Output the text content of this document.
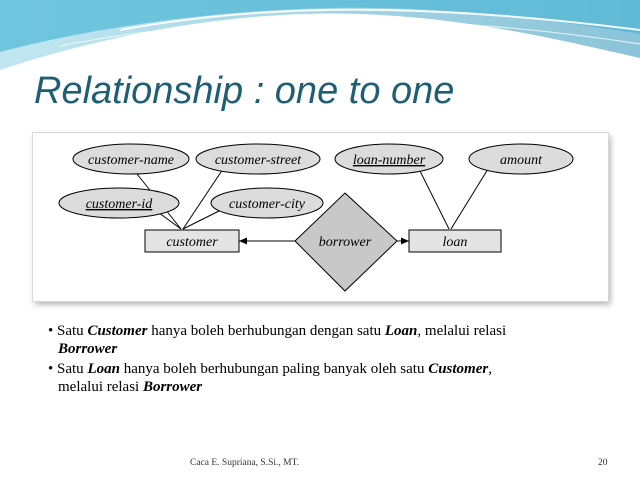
Relationship : one to one
customer-name	customer-street
customer-id	customer-city
loan-number	amount
customer	loan
borrower
• Satu Customer hanya boleh berhubungan dengan satu Loan, melalui relasi
Borrower
• Satu Loan hanya boleh berhubungan paling banyak oleh satu Customer,
melalui relasi Borrower
Caca E. Supriana, S.Si., MT.	20
